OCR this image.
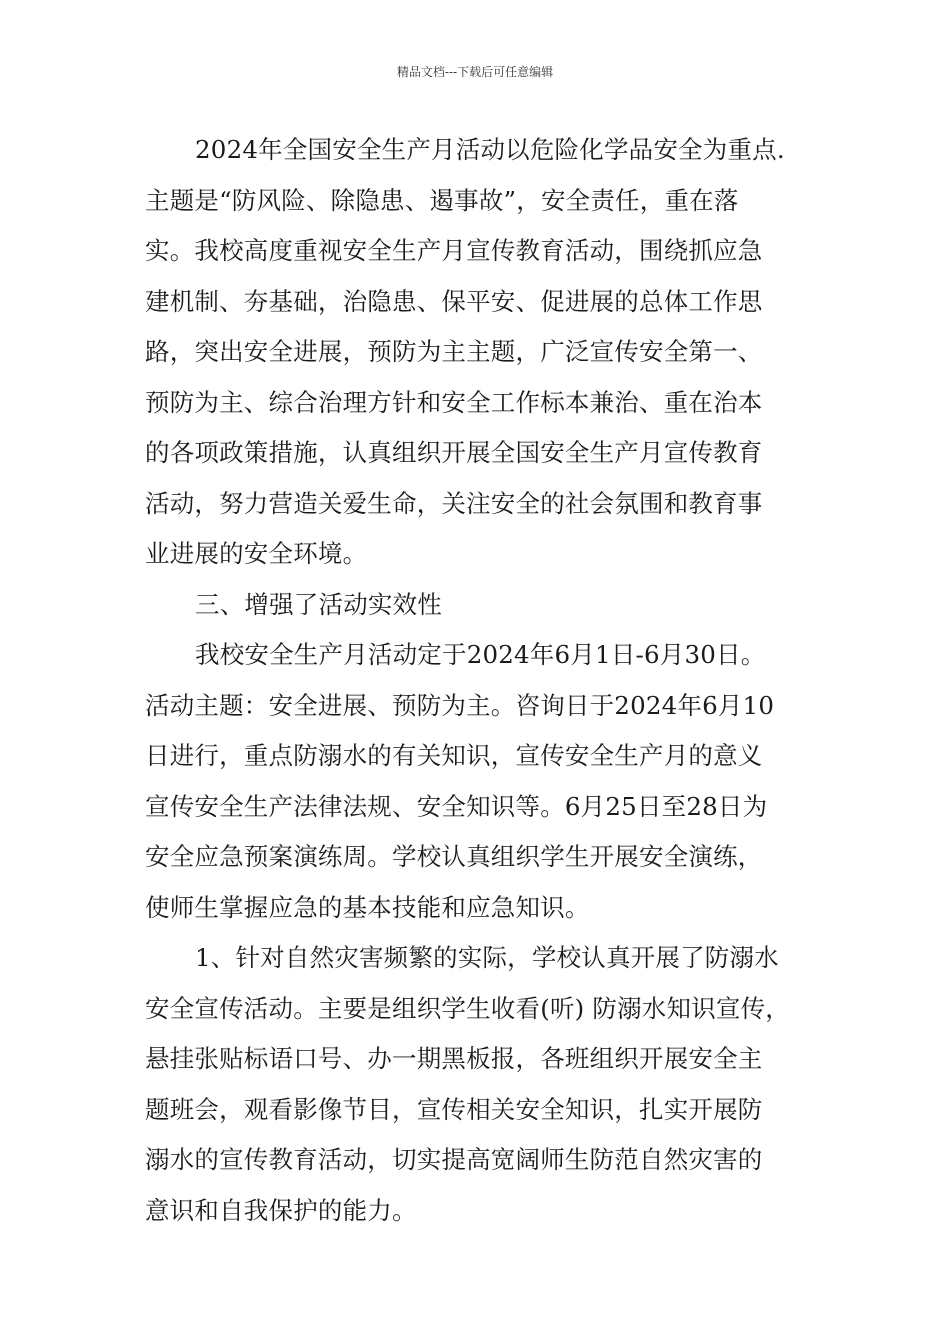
精品文档---下载后可任意编辑
2024年全国安全生产月活动以危险化学品安全为重点.
主题是“防风险、除隐患、遏事故”，安全责任，重在落
实。我校高度重视安全生产月宣传教育活动，围绕抓应急
建机制、夯基础，治隐患、保平安、促进展的总体工作思
路，突出安全进展，预防为主主题，广泛宣传安全第一、
预防为主、综合治理方针和安全工作标本兼治、重在治本
的各项政策措施，认真组织开展全国安全生产月宣传教育
活动，努力营造关爱生命，关注安全的社会氛围和教育事
业进展的安全环境。
三、增强了活动实效性
我校安全生产月活动定于2024年6月1日-6月30日。
活动主题：安全进展、预防为主。咨询日于2024年6月10
日进行，重点防溺水的有关知识，宣传安全生产月的意义
宣传安全生产法律法规、安全知识等。6月25日至28日为
安全应急预案演练周。学校认真组织学生开展安全演练，
使师生掌握应急的基本技能和应急知识。
1、针对自然灾害频繁的实际，学校认真开展了防溺水
安全宣传活动。主要是组织学生收看(听) 防溺水知识宣传，
悬挂张贴标语口号、办一期黑板报，各班组织开展安全主
题班会，观看影像节目，宣传相关安全知识，扎实开展防
溺水的宣传教育活动，切实提高宽阔师生防范自然灾害的
意识和自我保护的能力。
